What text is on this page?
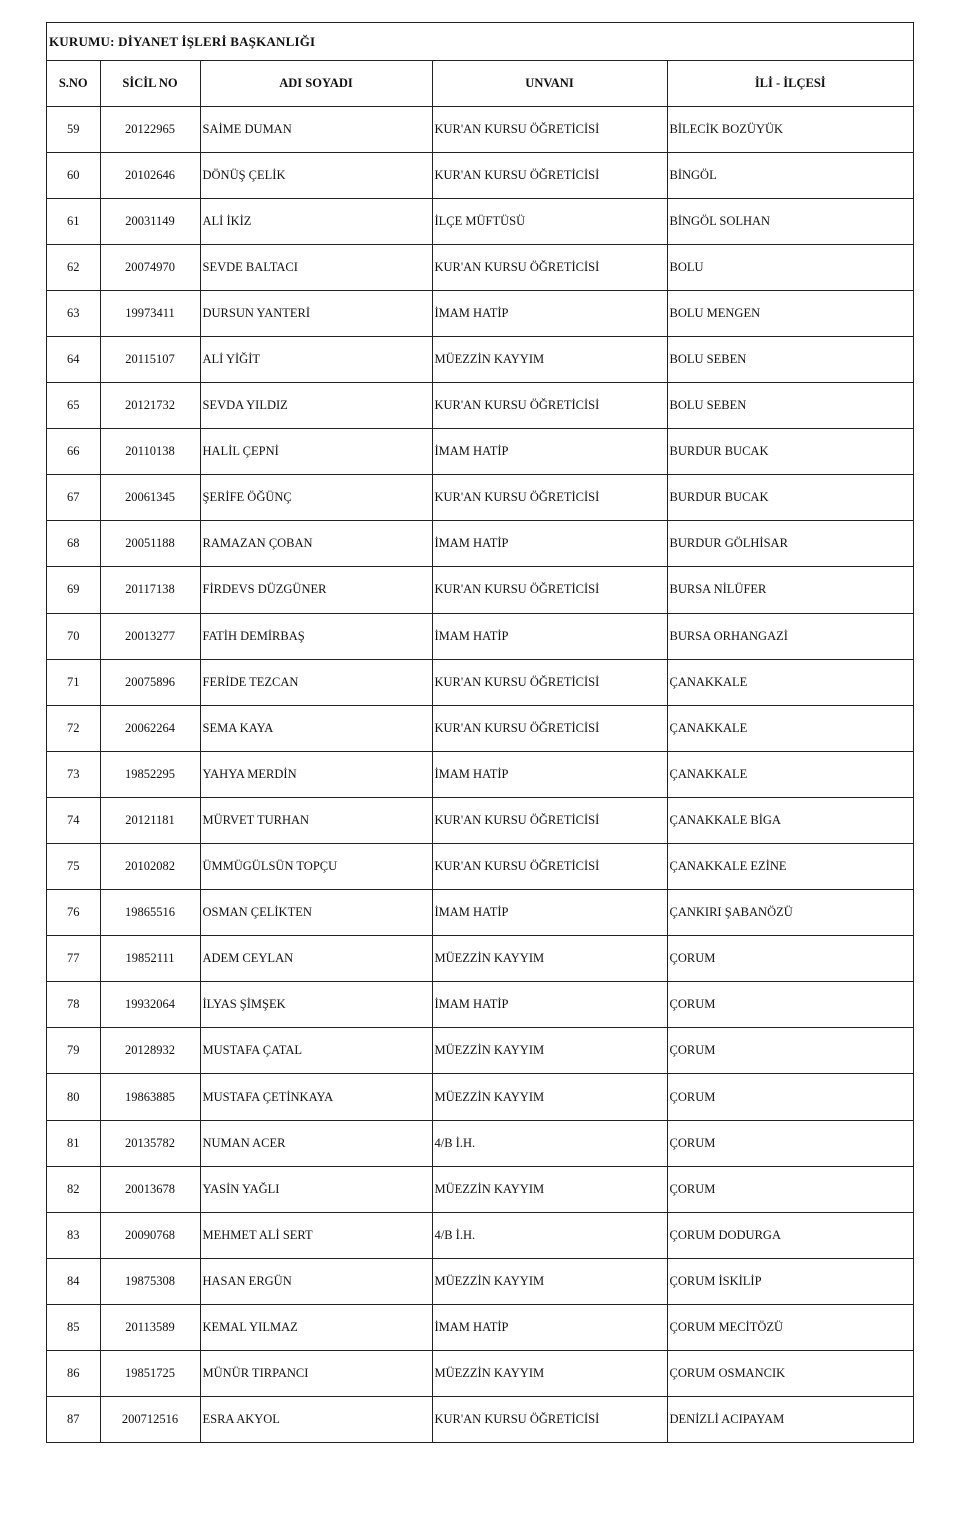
KURUMU: DİYANET İŞLERİ BAŞKANLIĞI
S.NO	SİCİL NO	ADI SOYADI	UNVANI	İLİ - İLÇESİ
59	20122965	SAİME DUMAN	KUR'AN KURSU ÖĞRETİCİSİ	BİLECİK BOZÜYÜK
60	20102646	DÖNÜŞ ÇELİK	KUR'AN KURSU ÖĞRETİCİSİ	BİNGÖL
61	20031149	ALİ İKİZ	İLÇE MÜFTÜSÜ	BİNGÖL SOLHAN
62	20074970	SEVDE BALTACI	KUR'AN KURSU ÖĞRETİCİSİ	BOLU
63	19973411	DURSUN YANTERİ	İMAM HATİP	BOLU MENGEN
64	20115107	ALİ YİĞİT	MÜEZZİN KAYYIM	BOLU SEBEN
65	20121732	SEVDA YILDIZ	KUR'AN KURSU ÖĞRETİCİSİ	BOLU SEBEN
66	20110138	HALİL ÇEPNİ	İMAM HATİP	BURDUR BUCAK
67	20061345	ŞERİFE ÖĞÜNÇ	KUR'AN KURSU ÖĞRETİCİSİ	BURDUR BUCAK
68	20051188	RAMAZAN ÇOBAN	İMAM HATİP	BURDUR GÖLHİSAR
69	20117138	FİRDEVS DÜZGÜNER	KUR'AN KURSU ÖĞRETİCİSİ	BURSA NİLÜFER
70	20013277	FATİH DEMİRBAŞ	İMAM HATİP	BURSA ORHANGAZİ
71	20075896	FERİDE TEZCAN	KUR'AN KURSU ÖĞRETİCİSİ	ÇANAKKALE
72	20062264	SEMA KAYA	KUR'AN KURSU ÖĞRETİCİSİ	ÇANAKKALE
73	19852295	YAHYA MERDİN	İMAM HATİP	ÇANAKKALE
74	20121181	MÜRVET TURHAN	KUR'AN KURSU ÖĞRETİCİSİ	ÇANAKKALE BİGA
75	20102082	ÜMMÜGÜLSÜN TOPÇU	KUR'AN KURSU ÖĞRETİCİSİ	ÇANAKKALE EZİNE
76	19865516	OSMAN ÇELİKTEN	İMAM HATİP	ÇANKIRI ŞABANÖZÜ
77	19852111	ADEM CEYLAN	MÜEZZİN KAYYIM	ÇORUM
78	19932064	İLYAS ŞİMŞEK	İMAM HATİP	ÇORUM
79	20128932	MUSTAFA ÇATAL	MÜEZZİN KAYYIM	ÇORUM
80	19863885	MUSTAFA ÇETİNKAYA	MÜEZZİN KAYYIM	ÇORUM
81	20135782	NUMAN ACER	4/B İ.H.	ÇORUM
82	20013678	YASİN YAĞLI	MÜEZZİN KAYYIM	ÇORUM
83	20090768	MEHMET ALİ SERT	4/B İ.H.	ÇORUM DODURGA
84	19875308	HASAN ERGÜN	MÜEZZİN KAYYIM	ÇORUM İSKİLİP
85	20113589	KEMAL YILMAZ	İMAM HATİP	ÇORUM MECİTÖZÜ
86	19851725	MÜNÜR TIRPANCI	MÜEZZİN KAYYIM	ÇORUM OSMANCIK
87	200712516	ESRA AKYOL	KUR'AN KURSU ÖĞRETİCİSİ	DENİZLİ ACIPAYAM
